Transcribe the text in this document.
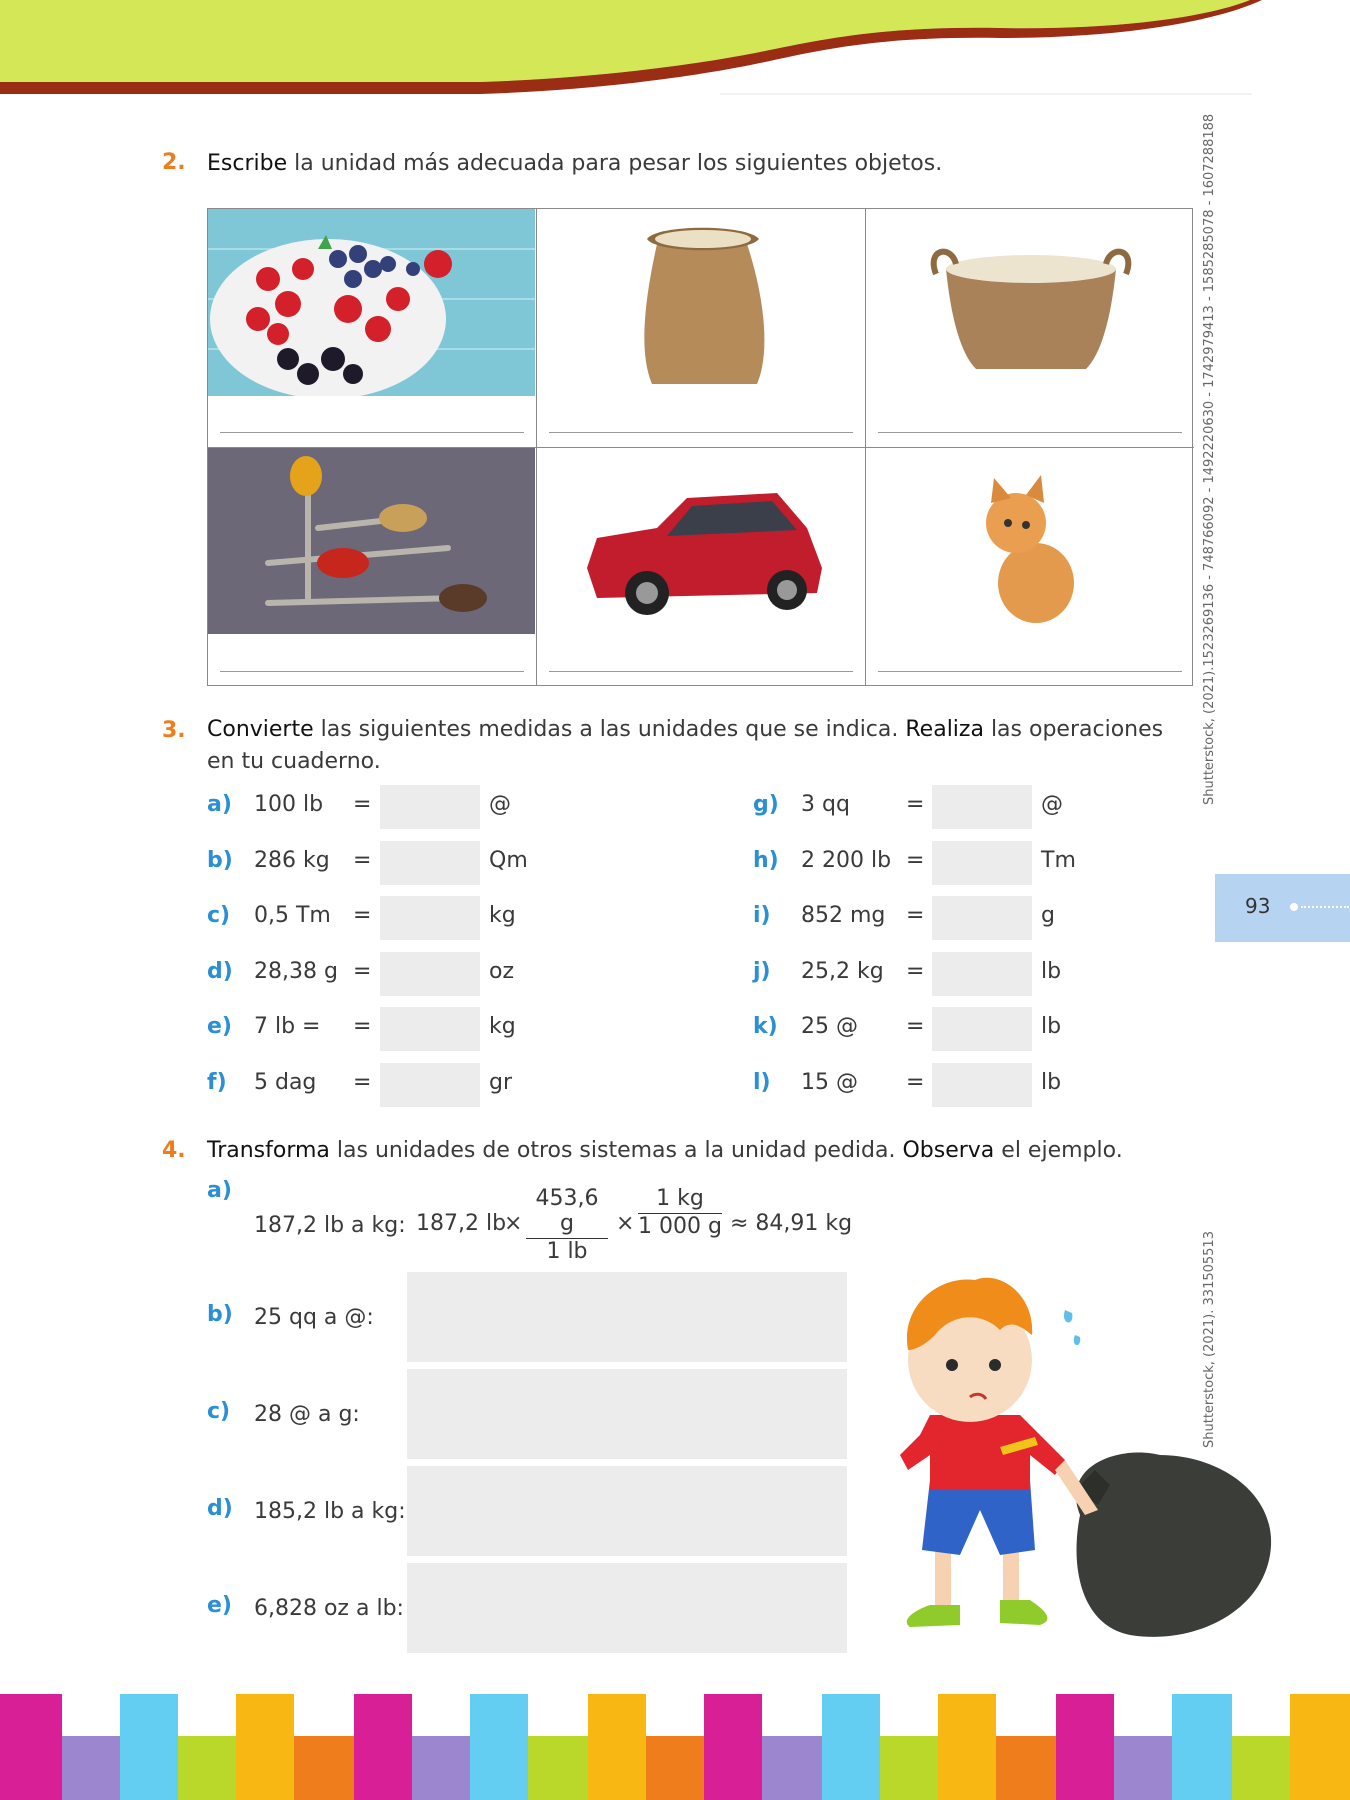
2. Escribe la unidad más adecuada para pesar los siguientes objetos.
3. Convierte las siguientes medidas a las unidades que se indica. Realiza las operaciones en tu cuaderno.
a) 100 lb =	@
b) 286 kg =	Qm
c) 0,5 Tm =	kg
d) 28,38 g =	oz
e) 7 lb = =	kg
f) 5 dag =	gr
g) 3 qq	=	@
h) 2 200 lb =	Tm
i) 852 mg =	g
j) 25,2 kg =	lb
k) 25 @ =	lb
l) 15 @ =	lb
4. Transforma las unidades de otros sistemas a la unidad pedida. Observa el ejemplo.
a)
187,2 lb a kg: 187,2 lb
×
453,6 g
1 lb
×
1 kg
1 000 g ≈ 84,91 kg
b) 25 qq a @:
c) 28 @ a g:
d) 185,2 lb a kg:
e) 6,828 oz a lb:
Shutterstock, (2021).1523269136 - 748766092 - 1492220630 - 1742979413 - 1585285078 - 1607288188
Shutterstock, (2021). 331505513
93
